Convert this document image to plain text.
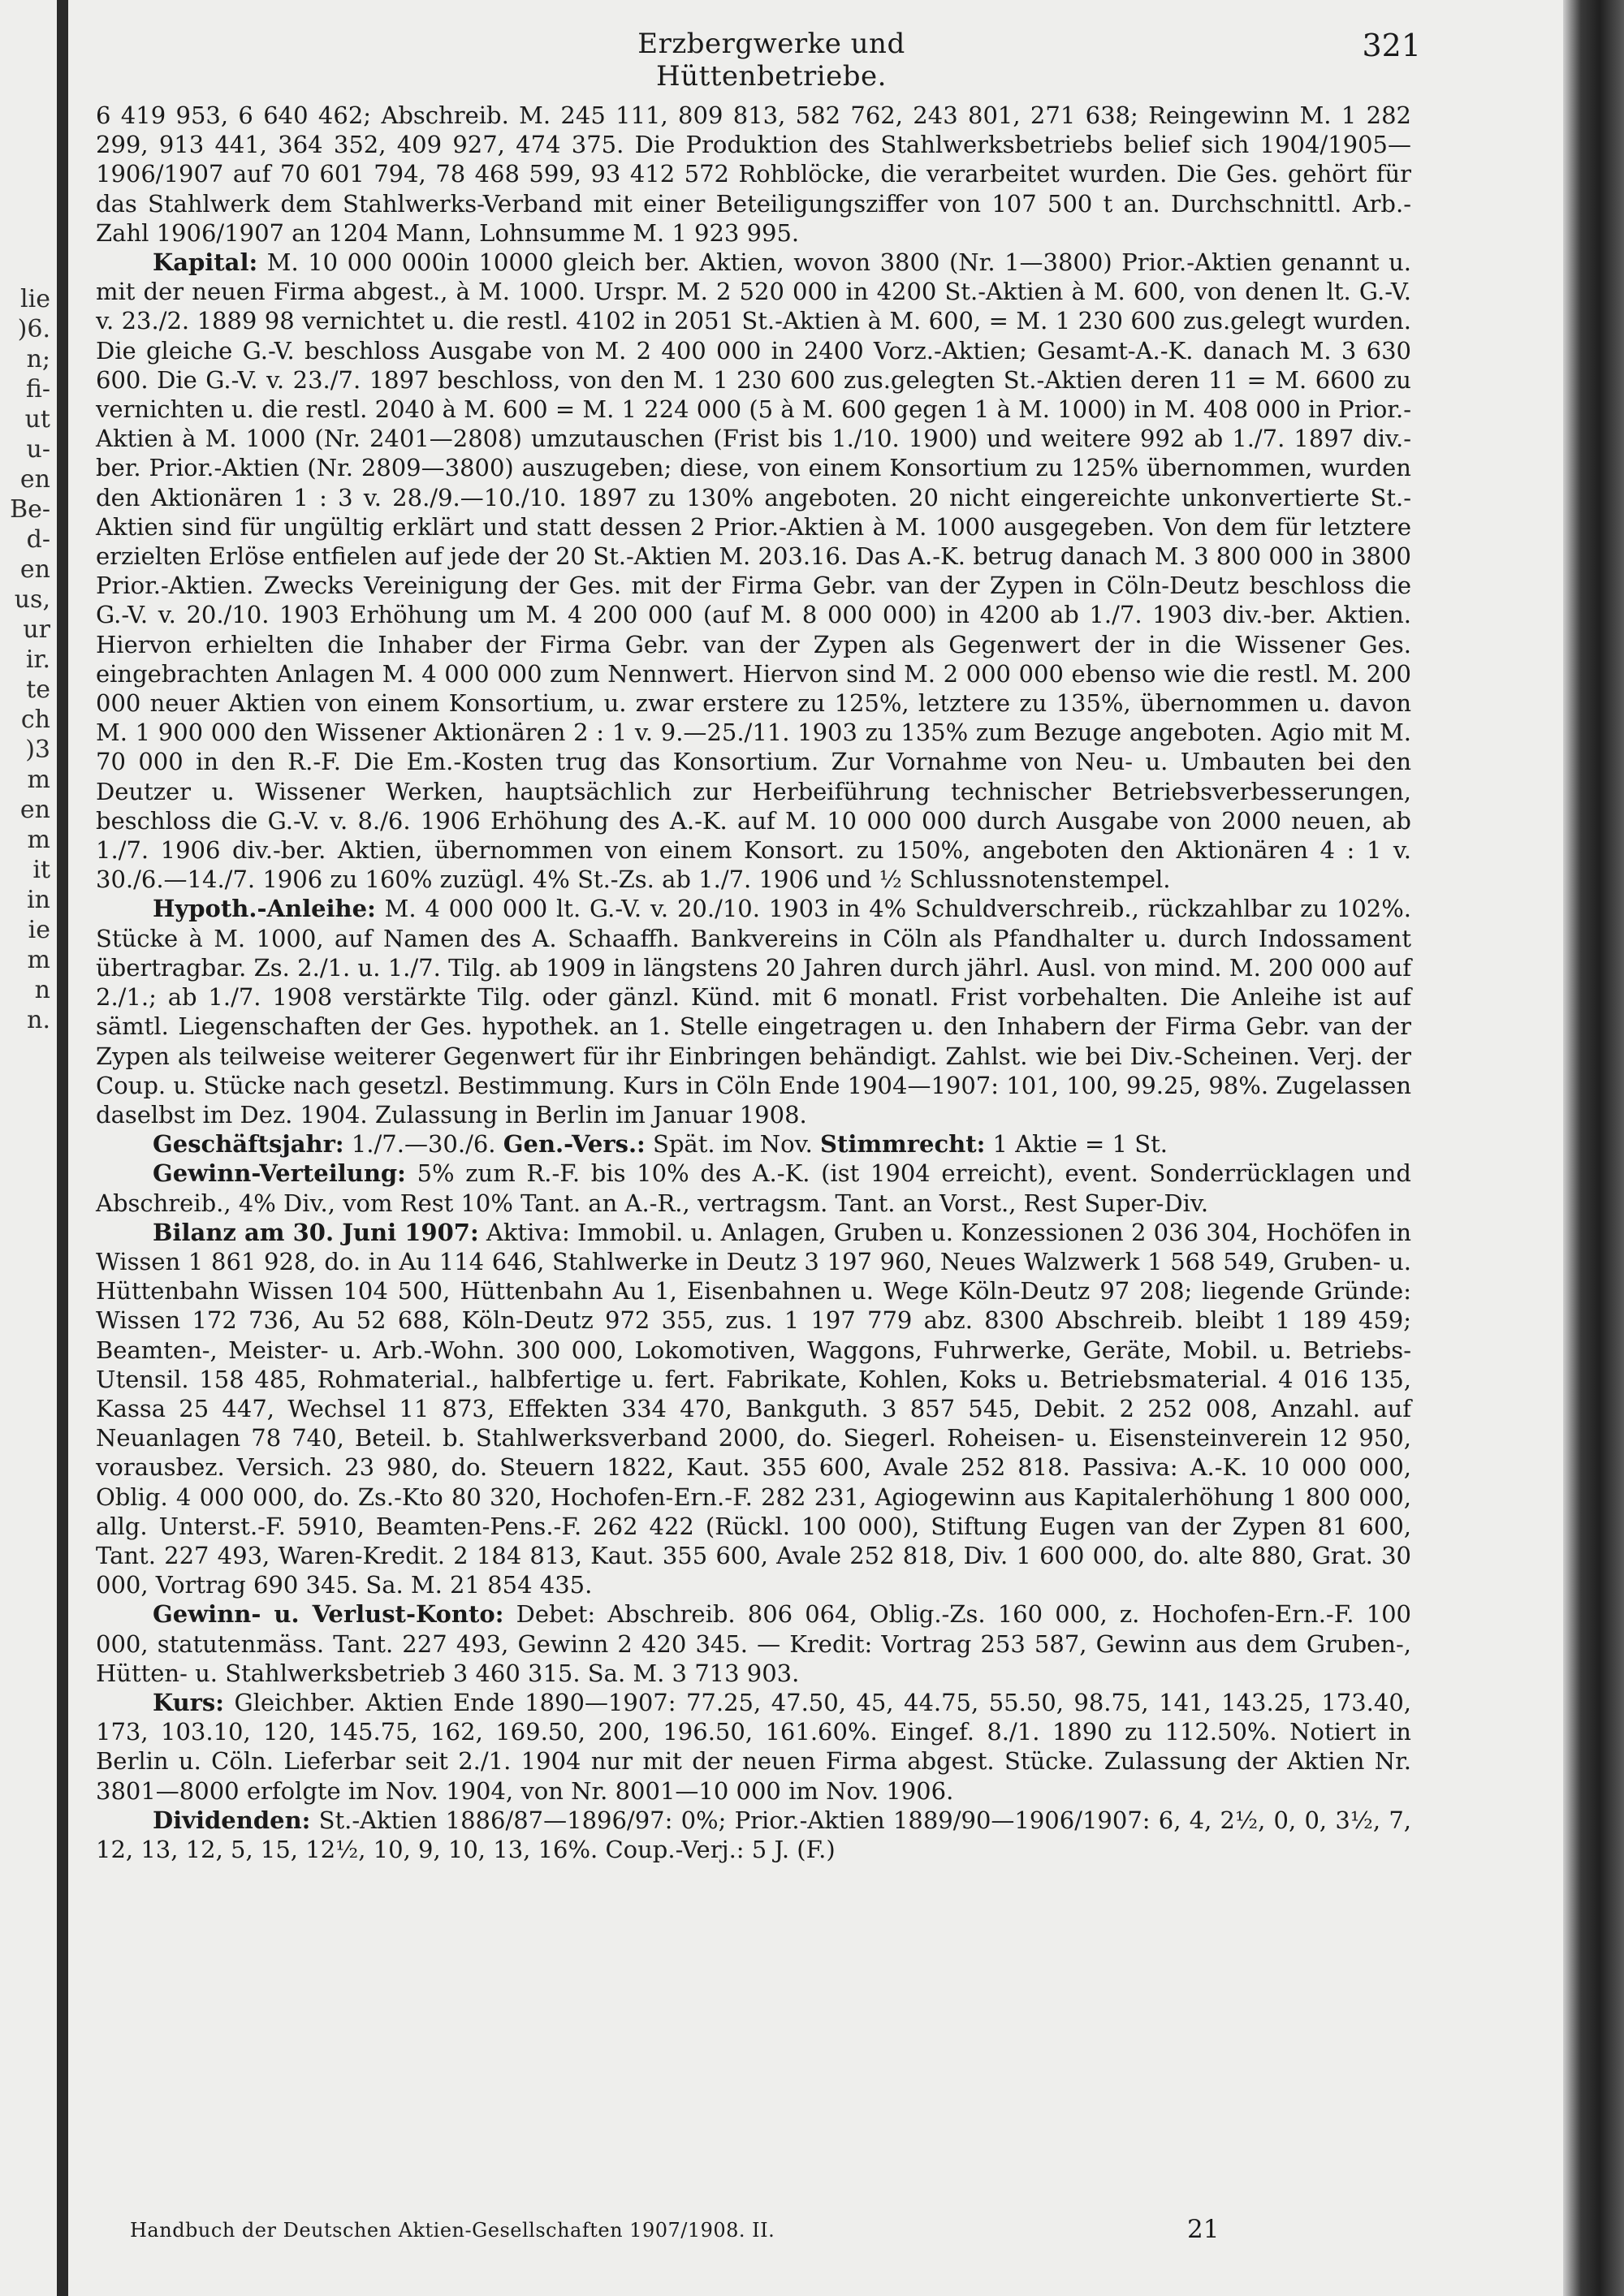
lie
)6.
n;
fi-
ut
u-
en
Be-
d-
en
us,
ur
ir.
te
ch
)3
m
en
m
it
in
ie
m
n
n.
Erzbergwerke und Hüttenbetriebe.
321

6 419 953, 6 640 462; Abschreib. M. 245 111, 809 813, 582 762, 243 801, 271 638; Reingewinn M. 1 282 299, 913 441, 364 352, 409 927, 474 375. Die Produktion des Stahlwerksbetriebs belief sich 1904/1905—1906/1907 auf 70 601 794, 78 468 599, 93 412 572 Rohblöcke, die verarbeitet wurden. Die Ges. gehört für das Stahlwerk dem Stahlwerks-Verband mit einer Beteiligungsziffer von 107 500 t an. Durchschnittl. Arb.-Zahl 1906/1907 an 1204 Mann, Lohnsumme M. 1 923 995.

Kapital: M. 10 000 000in 10000 gleich ber. Aktien, wovon 3800 (Nr. 1—3800) Prior.-Aktien genannt u. mit der neuen Firma abgest., à M. 1000. Urspr. M. 2 520 000 in 4200 St.-Aktien à M. 600, von denen lt. G.-V. v. 23./2. 1889 98 vernichtet u. die restl. 4102 in 2051 St.-Aktien à M. 600, = M. 1 230 600 zus.gelegt wurden. Die gleiche G.-V. beschloss Ausgabe von M. 2 400 000 in 2400 Vorz.-Aktien; Gesamt-A.-K. danach M. 3 630 600. Die G.-V. v. 23./7. 1897 beschloss, von den M. 1 230 600 zus.gelegten St.-Aktien deren 11 = M. 6600 zu vernichten u. die restl. 2040 à M. 600 = M. 1 224 000 (5 à M. 600 gegen 1 à M. 1000) in M. 408 000 in Prior.-Aktien à M. 1000 (Nr. 2401—2808) umzutauschen (Frist bis 1./10. 1900) und weitere 992 ab 1./7. 1897 div.-ber. Prior.-Aktien (Nr. 2809—3800) auszugeben; diese, von einem Konsortium zu 125% übernommen, wurden den Aktionären 1 : 3 v. 28./9.—10./10. 1897 zu 130% angeboten. 20 nicht eingereichte unkonvertierte St.-Aktien sind für ungültig erklärt und statt dessen 2 Prior.-Aktien à M. 1000 ausgegeben. Von dem für letztere erzielten Erlöse entfielen auf jede der 20 St.-Aktien M. 203.16. Das A.-K. betrug danach M. 3 800 000 in 3800 Prior.-Aktien. Zwecks Vereinigung der Ges. mit der Firma Gebr. van der Zypen in Cöln-Deutz beschloss die G.-V. v. 20./10. 1903 Erhöhung um M. 4 200 000 (auf M. 8 000 000) in 4200 ab 1./7. 1903 div.-ber. Aktien. Hiervon erhielten die Inhaber der Firma Gebr. van der Zypen als Gegenwert der in die Wissener Ges. eingebrachten Anlagen M. 4 000 000 zum Nennwert. Hiervon sind M. 2 000 000 ebenso wie die restl. M. 200 000 neuer Aktien von einem Konsortium, u. zwar erstere zu 125%, letztere zu 135%, übernommen u. davon M. 1 900 000 den Wissener Aktionären 2 : 1 v. 9.—25./11. 1903 zu 135% zum Bezuge angeboten. Agio mit M. 70 000 in den R.-F. Die Em.-Kosten trug das Konsortium. Zur Vornahme von Neu- u. Umbauten bei den Deutzer u. Wissener Werken, hauptsächlich zur Herbeiführung technischer Betriebsverbesserungen, beschloss die G.-V. v. 8./6. 1906 Erhöhung des A.-K. auf M. 10 000 000 durch Ausgabe von 2000 neuen, ab 1./7. 1906 div.-ber. Aktien, übernommen von einem Konsort. zu 150%, angeboten den Aktionären 4 : 1 v. 30./6.—14./7. 1906 zu 160% zuzügl. 4% St.-Zs. ab 1./7. 1906 und ½ Schlussnotenstempel.

Hypoth.-Anleihe: M. 4 000 000 lt. G.-V. v. 20./10. 1903 in 4% Schuldverschreib., rückzahlbar zu 102%. Stücke à M. 1000, auf Namen des A. Schaaffh. Bankvereins in Cöln als Pfandhalter u. durch Indossament übertragbar. Zs. 2./1. u. 1./7. Tilg. ab 1909 in längstens 20 Jahren durch jährl. Ausl. von mind. M. 200 000 auf 2./1.; ab 1./7. 1908 verstärkte Tilg. oder gänzl. Künd. mit 6 monatl. Frist vorbehalten. Die Anleihe ist auf sämtl. Liegenschaften der Ges. hypothek. an 1. Stelle eingetragen u. den Inhabern der Firma Gebr. van der Zypen als teilweise weiterer Gegenwert für ihr Einbringen behändigt. Zahlst. wie bei Div.-Scheinen. Verj. der Coup. u. Stücke nach gesetzl. Bestimmung. Kurs in Cöln Ende 1904—1907: 101, 100, 99.25, 98%. Zugelassen daselbst im Dez. 1904. Zulassung in Berlin im Januar 1908.

Geschäftsjahr: 1./7.—30./6. Gen.-Vers.: Spät. im Nov. Stimmrecht: 1 Aktie = 1 St.

Gewinn-Verteilung: 5% zum R.-F. bis 10% des A.-K. (ist 1904 erreicht), event. Sonderrücklagen und Abschreib., 4% Div., vom Rest 10% Tant. an A.-R., vertragsm. Tant. an Vorst., Rest Super-Div.

Bilanz am 30. Juni 1907: Aktiva: Immobil. u. Anlagen, Gruben u. Konzessionen 2 036 304, Hochöfen in Wissen 1 861 928, do. in Au 114 646, Stahlwerke in Deutz 3 197 960, Neues Walzwerk 1 568 549, Gruben- u. Hüttenbahn Wissen 104 500, Hüttenbahn Au 1, Eisenbahnen u. Wege Köln-Deutz 97 208; liegende Gründe: Wissen 172 736, Au 52 688, Köln-Deutz 972 355, zus. 1 197 779 abz. 8300 Abschreib. bleibt 1 189 459; Beamten-, Meister- u. Arb.-Wohn. 300 000, Lokomotiven, Waggons, Fuhrwerke, Geräte, Mobil. u. Betriebs-Utensil. 158 485, Rohmaterial., halbfertige u. fert. Fabrikate, Kohlen, Koks u. Betriebsmaterial. 4 016 135, Kassa 25 447, Wechsel 11 873, Effekten 334 470, Bankguth. 3 857 545, Debit. 2 252 008, Anzahl. auf Neuanlagen 78 740, Beteil. b. Stahlwerksverband 2000, do. Siegerl. Roheisen- u. Eisensteinverein 12 950, vorausbez. Versich. 23 980, do. Steuern 1822, Kaut. 355 600, Avale 252 818. Passiva: A.-K. 10 000 000, Oblig. 4 000 000, do. Zs.-Kto 80 320, Hochofen-Ern.-F. 282 231, Agiogewinn aus Kapitalerhöhung 1 800 000, allg. Unterst.-F. 5910, Beamten-Pens.-F. 262 422 (Rückl. 100 000), Stiftung Eugen van der Zypen 81 600, Tant. 227 493, Waren-Kredit. 2 184 813, Kaut. 355 600, Avale 252 818, Div. 1 600 000, do. alte 880, Grat. 30 000, Vortrag 690 345. Sa. M. 21 854 435.

Gewinn- u. Verlust-Konto: Debet: Abschreib. 806 064, Oblig.-Zs. 160 000, z. Hochofen-Ern.-F. 100 000, statutenmäss. Tant. 227 493, Gewinn 2 420 345. — Kredit: Vortrag 253 587, Gewinn aus dem Gruben-, Hütten- u. Stahlwerksbetrieb 3 460 315. Sa. M. 3 713 903.

Kurs: Gleichber. Aktien Ende 1890—1907: 77.25, 47.50, 45, 44.75, 55.50, 98.75, 141, 143.25, 173.40, 173, 103.10, 120, 145.75, 162, 169.50, 200, 196.50, 161.60%. Eingef. 8./1. 1890 zu 112.50%. Notiert in Berlin u. Cöln. Lieferbar seit 2./1. 1904 nur mit der neuen Firma abgest. Stücke. Zulassung der Aktien Nr. 3801—8000 erfolgte im Nov. 1904, von Nr. 8001—10 000 im Nov. 1906.

Dividenden: St.-Aktien 1886/87—1896/97: 0%; Prior.-Aktien 1889/90—1906/1907: 6, 4, 2½, 0, 0, 3½, 7, 12, 13, 12, 5, 15, 12½, 10, 9, 10, 13, 16%. Coup.-Verj.: 5 J. (F.)

Handbuch der Deutschen Aktien-Gesellschaften 1907/1908. II.	21
